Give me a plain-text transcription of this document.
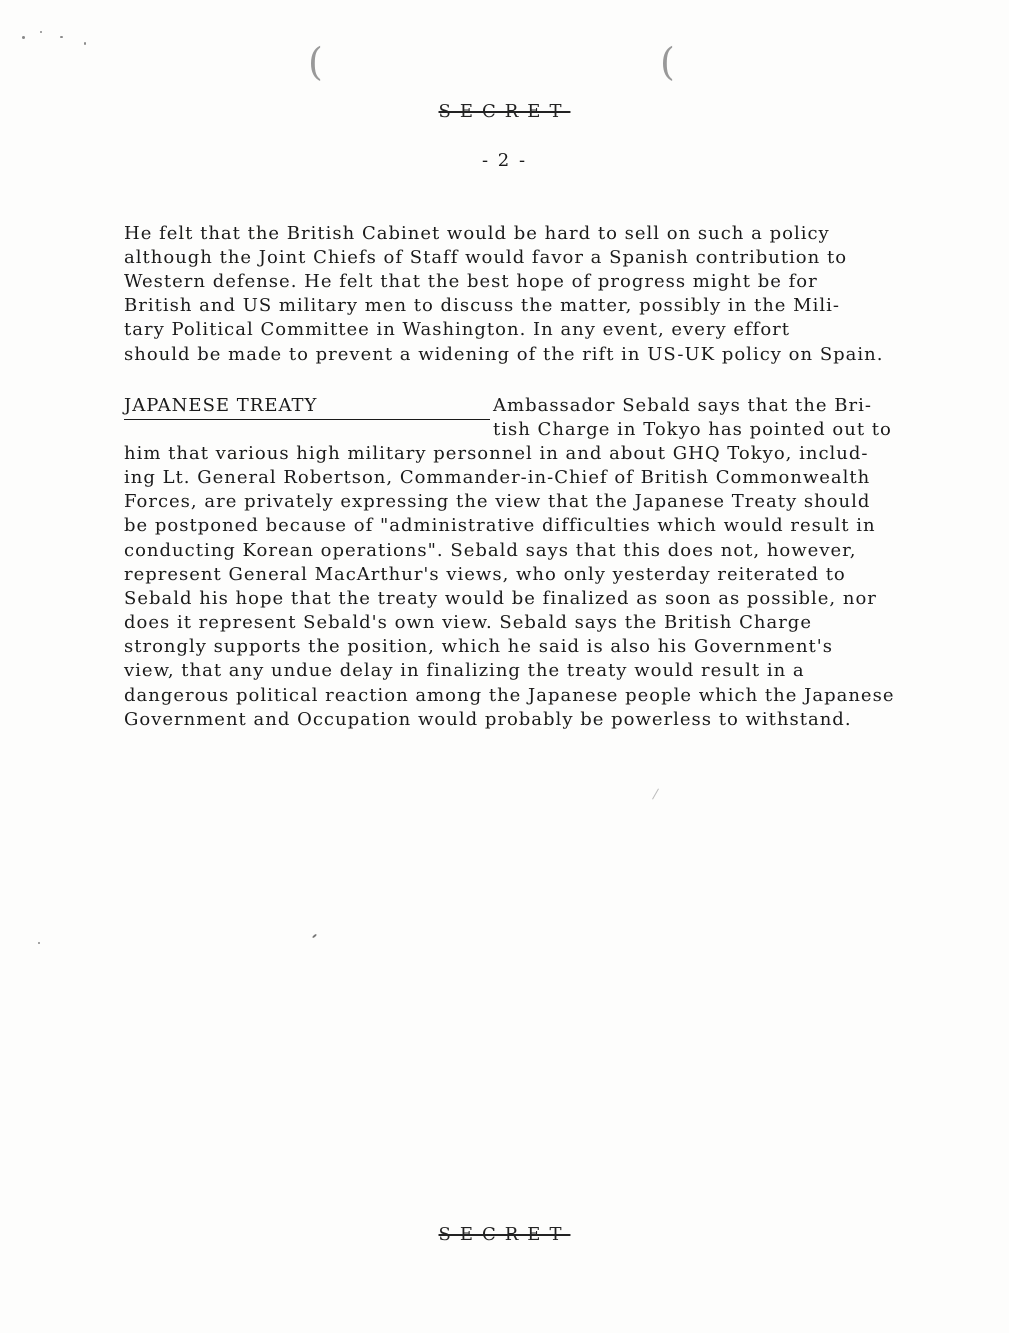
(	(
SECRET
- 2 -
He felt that the British Cabinet would be hard to sell on such a policy
although the Joint Chiefs of Staff would favor a Spanish contribution to
Western defense. He felt that the best hope of progress might be for
British and US military men to discuss the matter, possibly in the Mili-
tary Political Committee in Washington. In any event, every effort
should be made to prevent a widening of the rift in US-UK policy on Spain.
JAPANESE TREATY	Ambassador Sebald says that the Bri-
tish Charge in Tokyo has pointed out to
him that various high military personnel in and about GHQ Tokyo, includ-
ing Lt. General Robertson, Commander-in-Chief of British Commonwealth
Forces, are privately expressing the view that the Japanese Treaty should
be postponed because of "administrative difficulties which would result in
conducting Korean operations". Sebald says that this does not, however,
represent General MacArthur's views, who only yesterday reiterated to
Sebald his hope that the treaty would be finalized as soon as possible, nor
does it represent Sebald's own view. Sebald says the British Charge
strongly supports the position, which he said is also his Government's
view, that any undue delay in finalizing the treaty would result in a
dangerous political reaction among the Japanese people which the Japanese
Government and Occupation would probably be powerless to withstand.
SECRET
